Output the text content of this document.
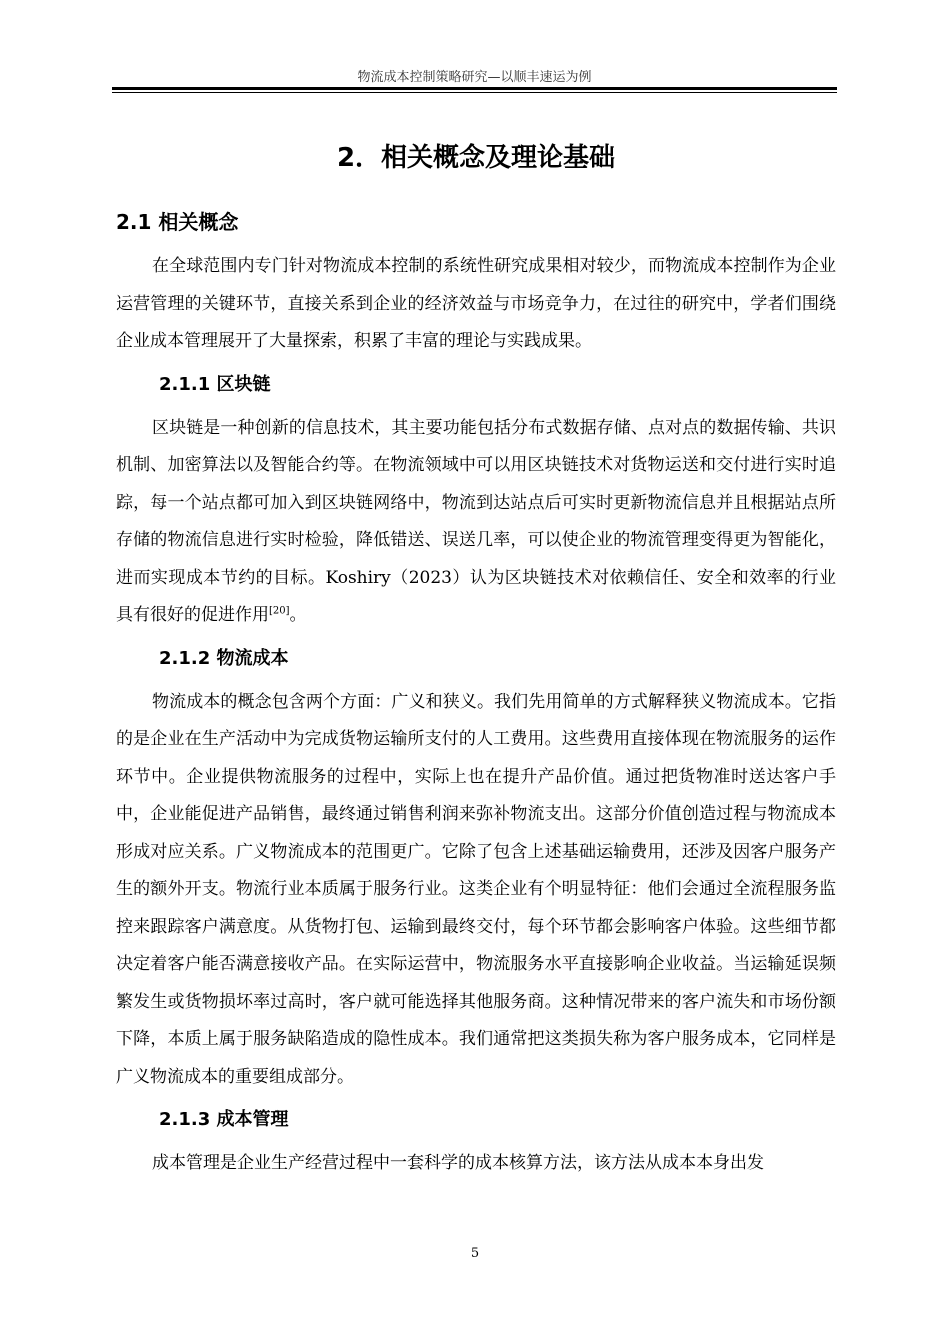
物流成本控制策略研究—以顺丰速运为例
2．相关概念及理论基础
2.1 相关概念

在全球范围内专门针对物流成本控制的系统性研究成果相对较少，而物流成本控制作为企业运营管理的关键环节，直接关系到企业的经济效益与市场竞争力，在过往的研究中，学者们围绕企业成本管理展开了大量探索，积累了丰富的理论与实践成果。

2.1.1 区块链

区块链是一种创新的信息技术，其主要功能包括分布式数据存储、点对点的数据传输、共识机制、加密算法以及智能合约等。在物流领域中可以用区块链技术对货物运送和交付进行实时追踪，每一个站点都可加入到区块链网络中，物流到达站点后可实时更新物流信息并且根据站点所存储的物流信息进行实时检验，降低错送、误送几率，可以使企业的物流管理变得更为智能化，进而实现成本节约的目标。Koshiry（2023）认为区块链技术对依赖信任、安全和效率的行业具有很好的促进作用[20]。

2.1.2 物流成本

物流成本的概念包含两个方面：广义和狭义。我们先用简单的方式解释狭义物流成本。它指的是企业在生产活动中为完成货物运输所支付的人工费用。这些费用直接体现在物流服务的运作环节中。企业提供物流服务的过程中，实际上也在提升产品价值。通过把货物准时送达客户手中，企业能促进产品销售，最终通过销售利润来弥补物流支出。这部分价值创造过程与物流成本形成对应关系。广义物流成本的范围更广。它除了包含上述基础运输费用，还涉及因客户服务产生的额外开支。物流行业本质属于服务行业。这类企业有个明显特征：他们会通过全流程服务监控来跟踪客户满意度。从货物打包、运输到最终交付，每个环节都会影响客户体验。这些细节都决定着客户能否满意接收产品。在实际运营中，物流服务水平直接影响企业收益。当运输延误频繁发生或货物损坏率过高时，客户就可能选择其他服务商。这种情况带来的客户流失和市场份额下降，本质上属于服务缺陷造成的隐性成本。我们通常把这类损失称为客户服务成本，它同样是广义物流成本的重要组成部分。

2.1.3 成本管理

成本管理是企业生产经营过程中一套科学的成本核算方法，该方法从成本本身出发

5
